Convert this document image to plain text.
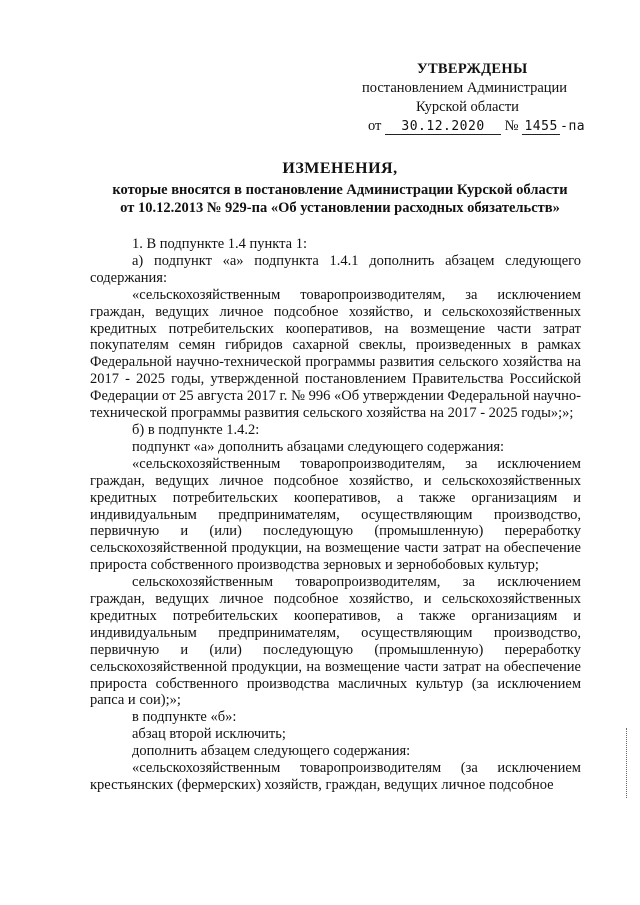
УТВЕРЖДЕНЫ
постановлением Администрации
Курской области
от 30.12.2020 № 1455 -па
ИЗМЕНЕНИЯ,
которые вносятся в постановление Администрации Курской области
от 10.12.2013 № 929-па «Об установлении расходных обязательств»

1. В подпункте 1.4 пункта 1:

а) подпункт «а» подпункта 1.4.1 дополнить абзацем следующего содержания:

«сельскохозяйственным товаропроизводителям, за исключением граждан, ведущих личное подсобное хозяйство, и сельскохозяйственных кредитных потребительских кооперативов, на возмещение части затрат покупателям семян гибридов сахарной свеклы, произведенных в рамках Федеральной научно-технической программы развития сельского хозяйства на 2017 - 2025 годы, утвержденной постановлением Правительства Российской Федерации от 25 августа 2017 г. № 996 «Об утверждении Федеральной научно-технической программы развития сельского хозяйства на 2017 - 2025 годы»;»;

б) в подпункте 1.4.2:

подпункт «а» дополнить абзацами следующего содержания:

«сельскохозяйственным товаропроизводителям, за исключением граждан, ведущих личное подсобное хозяйство, и сельскохозяйственных кредитных потребительских кооперативов, а также организациям и индивидуальным предпринимателям, осуществляющим производство, первичную и (или) последующую (промышленную) переработку сельскохозяйственной продукции, на возмещение части затрат на обеспечение прироста собственного производства зерновых и зернобобовых культур;

сельскохозяйственным товаропроизводителям, за исключением граждан, ведущих личное подсобное хозяйство, и сельскохозяйственных кредитных потребительских кооперативов, а также организациям и индивидуальным предпринимателям, осуществляющим производство, первичную и (или) последующую (промышленную) переработку сельскохозяйственной продукции, на возмещение части затрат на обеспечение прироста собственного производства масличных культур (за исключением рапса и сои);»;

в подпункте «б»:

абзац второй исключить;

дополнить абзацем следующего содержания:

«сельскохозяйственным товаропроизводителям (за исключением крестьянских (фермерских) хозяйств, граждан, ведущих личное подсобное
